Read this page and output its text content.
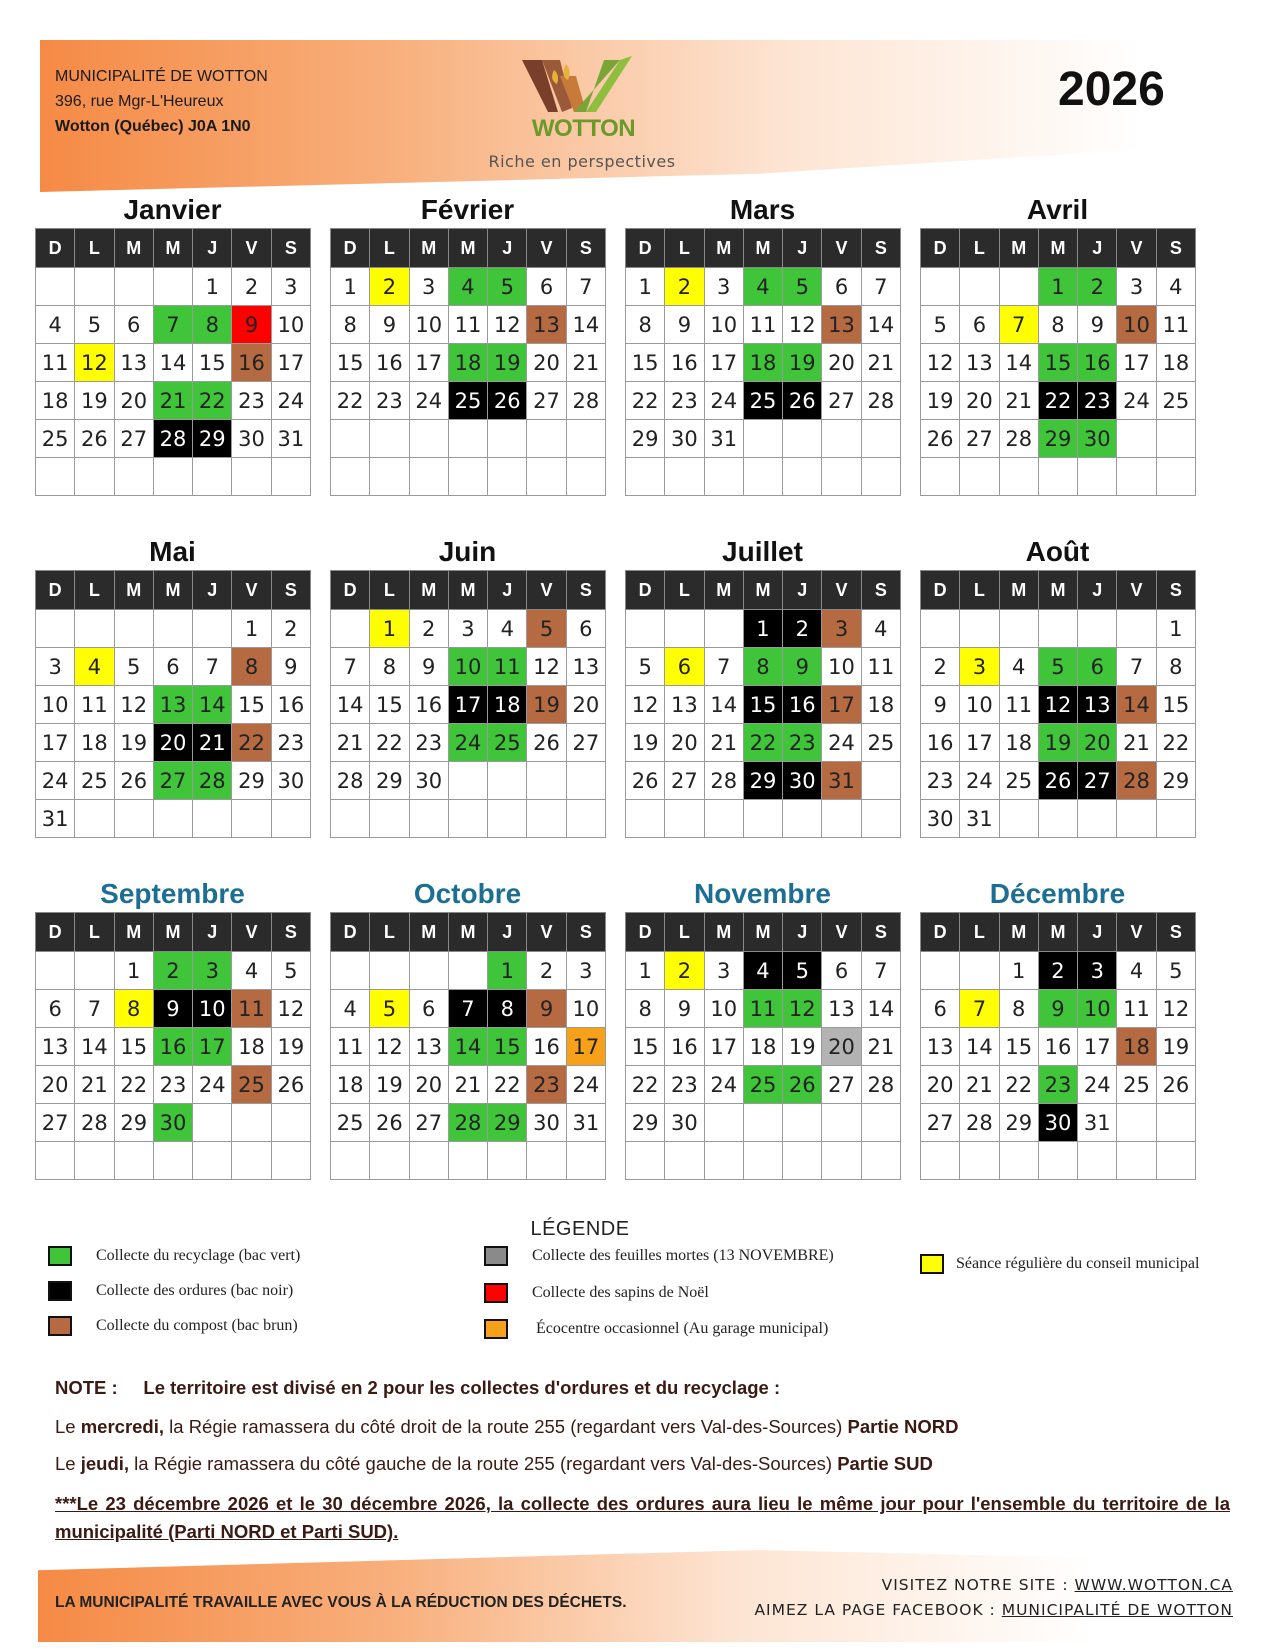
MUNICIPALITÉ DE WOTTON
396, rue Mgr-L'Heureux
Wotton (Québec) J0A 1N0	WOTTON
Riche en perspectives
2026
Janvier
D	L	M	M	J	V	S
				1	2	3
4	5	6	7	8	9	10
11	12	13	14	15	16	17
18	19	20	21	22	23	24
25	26	27	28	29	30	31

Février
D	L	M	M	J	V	S
1	2	3	4	5	6	7
8	9	10	11	12	13	14
15	16	17	18	19	20	21
22	23	24	25	26	27	28

Mars
D	L	M	M	J	V	S
1	2	3	4	5	6	7
8	9	10	11	12	13	14
15	16	17	18	19	20	21
22	23	24	25	26	27	28
29	30	31				

Avril
D	L	M	M	J	V	S
			1	2	3	4
5	6	7	8	9	10	11
12	13	14	15	16	17	18
19	20	21	22	23	24	25
26	27	28	29	30		

Mai
D	L	M	M	J	V	S
					1	2
3	4	5	6	7	8	9
10	11	12	13	14	15	16
17	18	19	20	21	22	23
24	25	26	27	28	29	30
31						
Juin
D	L	M	M	J	V	S
	1	2	3	4	5	6
7	8	9	10	11	12	13
14	15	16	17	18	19	20
21	22	23	24	25	26	27
28	29	30				

Juillet
D	L	M	M	J	V	S
			1	2	3	4
5	6	7	8	9	10	11
12	13	14	15	16	17	18
19	20	21	22	23	24	25
26	27	28	29	30	31	

Août
D	L	M	M	J	V	S
						1
2	3	4	5	6	7	8
9	10	11	12	13	14	15
16	17	18	19	20	21	22
23	24	25	26	27	28	29
30	31					
Septembre
D	L	M	M	J	V	S
		1	2	3	4	5
6	7	8	9	10	11	12
13	14	15	16	17	18	19
20	21	22	23	24	25	26
27	28	29	30			

Octobre
D	L	M	M	J	V	S
				1	2	3
4	5	6	7	8	9	10
11	12	13	14	15	16	17
18	19	20	21	22	23	24
25	26	27	28	29	30	31

Novembre
D	L	M	M	J	V	S
1	2	3	4	5	6	7
8	9	10	11	12	13	14
15	16	17	18	19	20	21
22	23	24	25	26	27	28
29	30					

Décembre
D	L	M	M	J	V	S
		1	2	3	4	5
6	7	8	9	10	11	12
13	14	15	16	17	18	19
20	21	22	23	24	25	26
27	28	29	30	31		

LÉGENDE
Collecte du recyclage (bac vert)
Collecte des ordures (bac noir)
Collecte du compost (bac brun)
Collecte des feuilles mortes (13 NOVEMBRE)
Collecte des sapins de Noël
Écocentre occasionnel (Au garage municipal)
Séance régulière du conseil municipal
NOTE : Le territoire est divisé en 2 pour les collectes d'ordures et du recyclage :
Le mercredi, la Régie ramassera du côté droit de la route 255 (regardant vers Val-des-Sources) Partie NORD
Le jeudi, la Régie ramassera du côté gauche de la route 255 (regardant vers Val-des-Sources) Partie SUD
***Le 23 décembre 2026 et le 30 décembre 2026, la collecte des ordures aura lieu le même jour pour l'ensemble du territoire de la municipalité (Parti NORD et Parti SUD).
LA MUNICIPALITÉ TRAVAILLE AVEC VOUS À LA RÉDUCTION DES DÉCHETS.
VISITEZ NOTRE SITE : WWW.WOTTON.CA
AIMEZ LA PAGE FACEBOOK : MUNICIPALITÉ DE WOTTON
